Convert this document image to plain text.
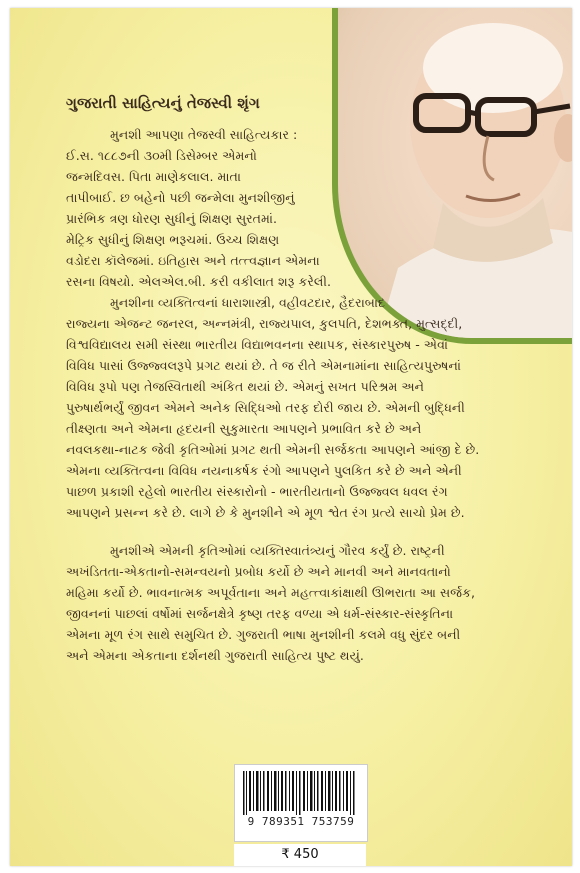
ગુજરાતી સાહિત્યનું તેજસ્વી શૃંગ

મુનશી આપણા તેજસ્વી સાહિત્યકાર :

ઈ.સ. ૧૮૮૭ની ૩૦મી ડિસેમ્બર એમનો

જન્મદિવસ. પિતા માણેકલાલ. માતા

તાપીબાઈ. છ બહેનો પછી જન્મેલા મુનશીજીનું

પ્રારંભિક ત્રણ ધોરણ સુધીનું શિક્ષણ સુરતમાં.

મેટ્રિક સુધીનું શિક્ષણ ભરૂચમાં. ઉચ્ચ શિક્ષણ

વડોદરા કૉલેજમાં. ઇતિહાસ અને તત્ત્વજ્ઞાન એમના

રસના વિષયો. એલએલ.બી. કરી વકીલાત શરૂ કરેલી.

મુનશીના વ્યક્તિત્વનાં ધારાશાસ્ત્રી, વહીવટદાર, હૈદરાબાદ

રાજ્યના એજન્ટ જનરલ, અન્નમંત્રી, રાજ્યપાલ, કુલપતિ, દેશભક્ત, મુત્સદ્દી,

વિશ્વવિદ્યાલય સમી સંસ્થા ભારતીય વિદ્યાભવનના સ્થાપક, સંસ્કારપુરુષ - એવાં

વિવિધ પાસાં ઉજ્જ્વલરૂપે પ્રગટ થયાં છે. તે જ રીતે એમનામાંના સાહિત્યપુરુષનાં

વિવિધ રૂપો પણ તેજસ્વિતાથી અંકિત થયાં છે. એમનું સખત પરિશ્રમ અને

પુરુષાર્થભર્યું જીવન એમને અનેક સિદ્ધિઓ તરફ દોરી જાય છે. એમની બુદ્ધિની

તીક્ષ્ણતા અને એમના હૃદયની સુકુમારતા આપણને પ્રભાવિત કરે છે અને

નવલકથા-નાટક જેવી કૃતિઓમાં પ્રગટ થતી એમની સર્જકતા આપણને આંજી દે છે.

એમના વ્યક્તિત્વના વિવિધ નયનાકર્ષક રંગો આપણને પુલકિત કરે છે અને એની

પાછળ પ્રકાશી રહેલો ભારતીય સંસ્કારોનો - ભારતીયતાનો ઉજ્જ્વલ ધવલ રંગ

આપણને પ્રસન્ન કરે છે. લાગે છે કે મુનશીને એ મૂળ શ્વેત રંગ પ્રત્યે સાચો પ્રેમ છે.

મુનશીએ એમની કૃતિઓમાં વ્યક્તિસ્વાતંત્ર્યનું ગૌરવ કર્યું છે. રાષ્ટ્રની

અખંડિતતા-એકતાનો-સમન્વયનો પ્રબોધ કર્યો છે અને માનવી અને માનવતાનો

મહિમા કર્યો છે. ભાવનાત્મક અપૂર્વતાના અને મહત્ત્વાકાંક્ષાથી ઊભરાતા આ સર્જક,

જીવનનાં પાછલાં વર્ષોમાં સર્જનક્ષેત્રે કૃષ્ણ તરફ વળ્યા એ ધર્મ-સંસ્કાર-સંસ્કૃતિના

એમના મૂળ રંગ સાથે સમુચિત છે. ગુજરાતી ભાષા મુનશીની કલમે વધુ સુંદર બની

અને એમના એકતાના દર્શનથી ગુજરાતી સાહિત્ય પુષ્ટ થયું.

9 789351 753759
₹ 450
